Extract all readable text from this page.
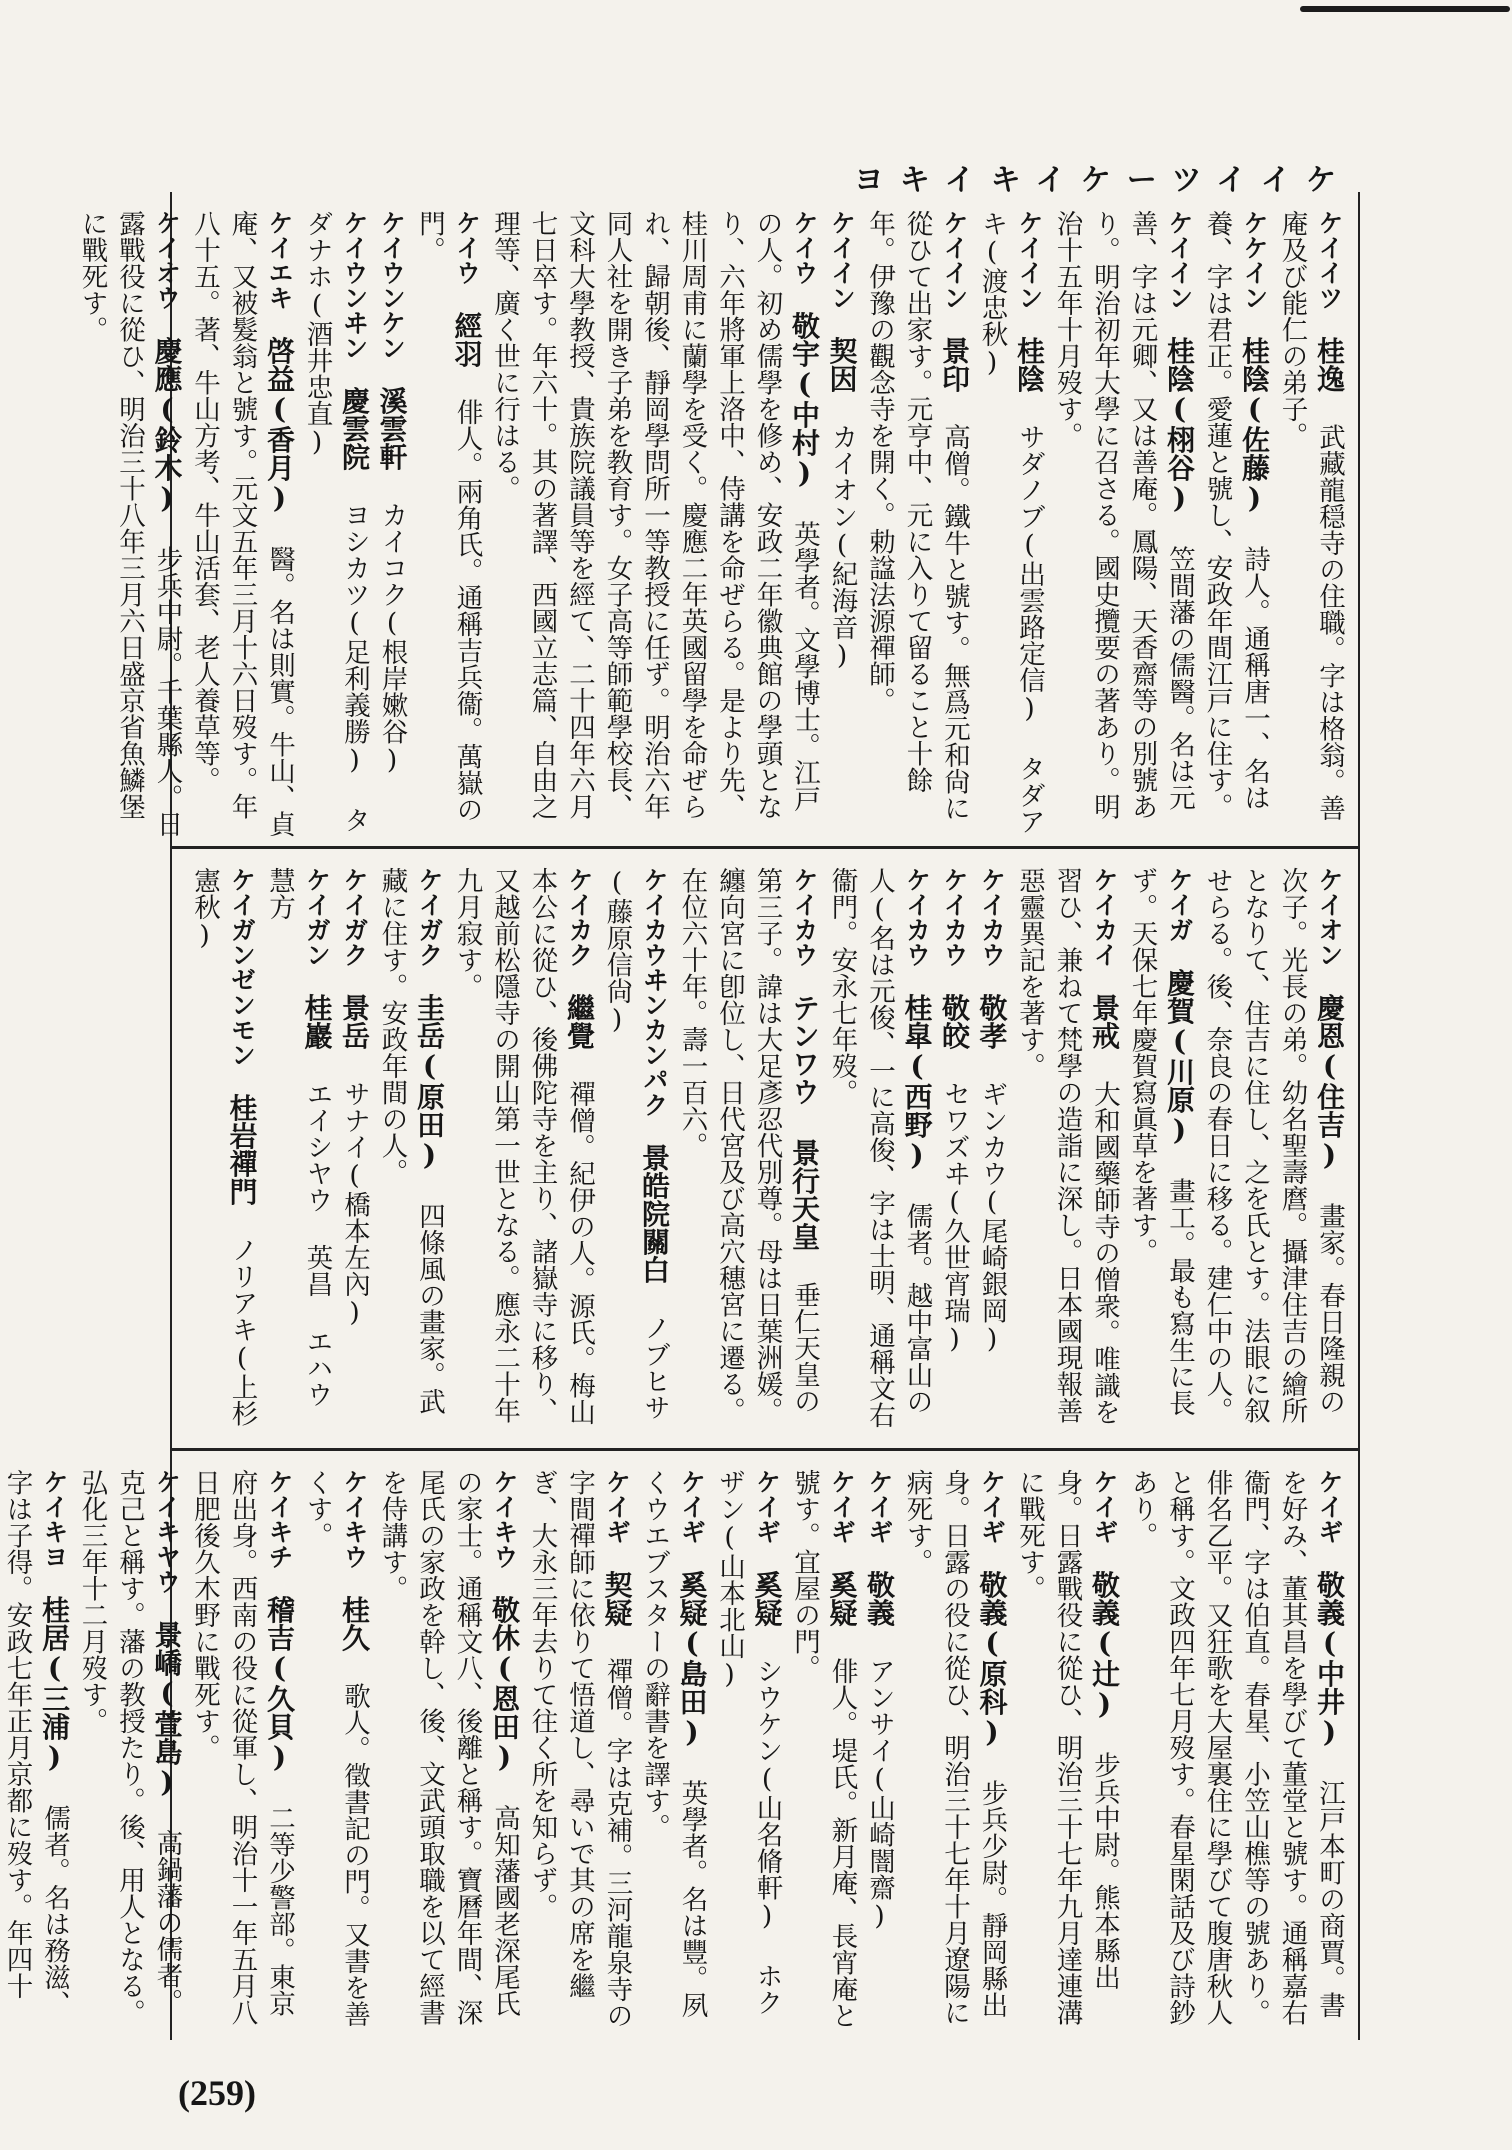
ヨキイキイケーツイイケ
ケイイツ　桂逸 武藏龍穏寺の住職。字は格翁。善庵及び能仁の弟子。
ケケイン　桂陰(佐藤) 詩人。通稱唐一、名は養、字は君正。愛蓮と號し、安政年間江戸に住す。
ケイイン　桂陰(栩谷) 笠間藩の儒醫。名は元善、字は元卿、又は善庵。鳳陽、天香齋等の別號あり。明治初年大學に召さる。國史攬要の著あり。明治十五年十月歿す。
ケイイン　桂陰 サダノブ(出雲路定信) タダアキ(渡忠秋)
ケイイン　景印 高僧。鐵牛と號す。無爲元和尙に從ひて出家す。元亨中、元に入りて留ること十餘年。伊豫の觀念寺を開く。勅諡法源禪師。
ケイイン　契因 カイオン(紀海音)
ケイウ　敬宇(中村) 英學者。文學博士。江戸の人。初め儒學を修め、安政二年徽典館の學頭となり、六年將軍上洛中、侍講を命ぜらる。是より先、桂川周甫に蘭學を受く。慶應二年英國留學を命ぜられ、歸朝後、靜岡學問所一等教授に任ず。明治六年同人社を開き子弟を教育す。女子高等師範學校長、文科大學教授、貴族院議員等を經て、二十四年六月七日卒す。年六十。其の著譯、西國立志篇、自由之理等、廣く世に行はる。
ケイウ　經羽 俳人。兩角氏。通稱吉兵衞。萬嶽の門。
ケイウンケン　溪雲軒 カイコク(根岸嫰谷)
ケイウンヰン　慶雲院 ヨシカツ(足利義勝) タダナホ(酒井忠直)
ケイエキ　啓益(香月) 醫。名は則實。牛山、貞庵、又被髮翁と號す。元文五年三月十六日歿す。年八十五。著、牛山方考、牛山活套、老人養草等。
ケイオウ　慶應(鈴木) 步兵中尉。千葉縣人。日露戰役に從ひ、明治三十八年三月六日盛京省魚鱗堡に戰死す。
ケイオン　慶恩(住吉) 畫家。春日隆親の次子。光長の弟。幼名聖壽麿。攝津住吉の繪所となりて、住吉に住し、之を氏とす。法眼に叙せらる。後、奈良の春日に移る。建仁中の人。
ケイガ　慶賀(川原) 畫工。最も寫生に長ず。天保七年慶賀寫眞草を著す。
ケイカイ　景戒 大和國藥師寺の僧衆。唯識を習ひ、兼ねて梵學の造詣に深し。日本國現報善惡靈異記を著す。
ケイカウ　敬孝 ギンカウ(尾崎銀岡)
ケイカウ　敬皎 セワズヰ(久世宵瑞)
ケイカウ　桂皐(西野) 儒者。越中富山の人(名は元俊、一に高俊、字は士明、通稱文右衞門。安永七年歿。
ケイカウ　テンワウ 景行天皇 垂仁天皇の第三子。諱は大足彥忍代別尊。母は日葉洲媛。纏向宮に卽位し、日代宮及び高穴穗宮に遷る。在位六十年。壽一百六。
ケイカウヰンカンパク　景皓院關白 ノブヒサ(藤原信尙)
ケイカク　繼覺 禪僧。紀伊の人。源氏。梅山本公に從ひ、後佛陀寺を主り、諸嶽寺に移り、又越前松隱寺の開山第一世となる。應永二十年九月寂す。
ケイガク　圭岳(原田) 四條風の畫家。武藏に住す。安政年間の人。
ケイガク　景岳 サナイ(橋本左內)
ケイガン　桂巖 エイシヤウ 英昌 エハウ 慧方
ケイガンゼンモン　桂岩禪門 ノリアキ(上杉憲秋)
ケイギ　敬義(中井) 江戸本町の商賈。書を好み、董其昌を學びて董堂と號す。通稱嘉右衞門、字は伯直。春星、小笠山樵等の號あり。俳名乙平。又狂歌を大屋裏住に學びて腹唐秋人と稱す。文政四年七月歿す。春星閑話及び詩鈔あり。
ケイギ　敬義(辻) 步兵中尉。熊本縣出身。日露戰役に從ひ、明治三十七年九月達連溝に戰死す。
ケイギ　敬義(原科) 步兵少尉。靜岡縣出身。日露の役に從ひ、明治三十七年十月遼陽に病死す。
ケイギ　敬義 アンサイ(山崎闇齋)
ケイギ　奚疑 俳人。堤氏。新月庵、長宵庵と號す。宜屋の門。
ケイギ　奚疑 シウケン(山名脩軒) ホクザン(山本北山)
ケイギ　奚疑(島田) 英學者。名は豐。夙くウエブスターの辭書を譯す。
ケイギ　契疑 禪僧。字は克補。三河龍泉寺の字間禪師に依りて悟道し、尋いで其の席を繼ぎ、大永三年去りて往く所を知らず。
ケイキウ　敬休(恩田) 高知藩國老深尾氏の家士。通稱文八、後離と稱す。寶曆年間、深尾氏の家政を幹し、後、文武頭取職を以て經書を侍講す。
ケイキウ　桂久 歌人。徵書記の門。又書を善くす。
ケイキチ　稽吉(久貝) 二等少警部。東京府出身。西南の役に從軍し、明治十一年五月八日肥後久木野に戰死す。
ケイキヤウ　景嶠(萱島) 高鍋藩の儒者。克己と稱す。藩の教授たり。後、用人となる。弘化三年十二月歿す。
ケイキヨ　桂居(三浦) 儒者。名は務滋、字は子得。安政七年正月京都に歿す。年四十
(259)
